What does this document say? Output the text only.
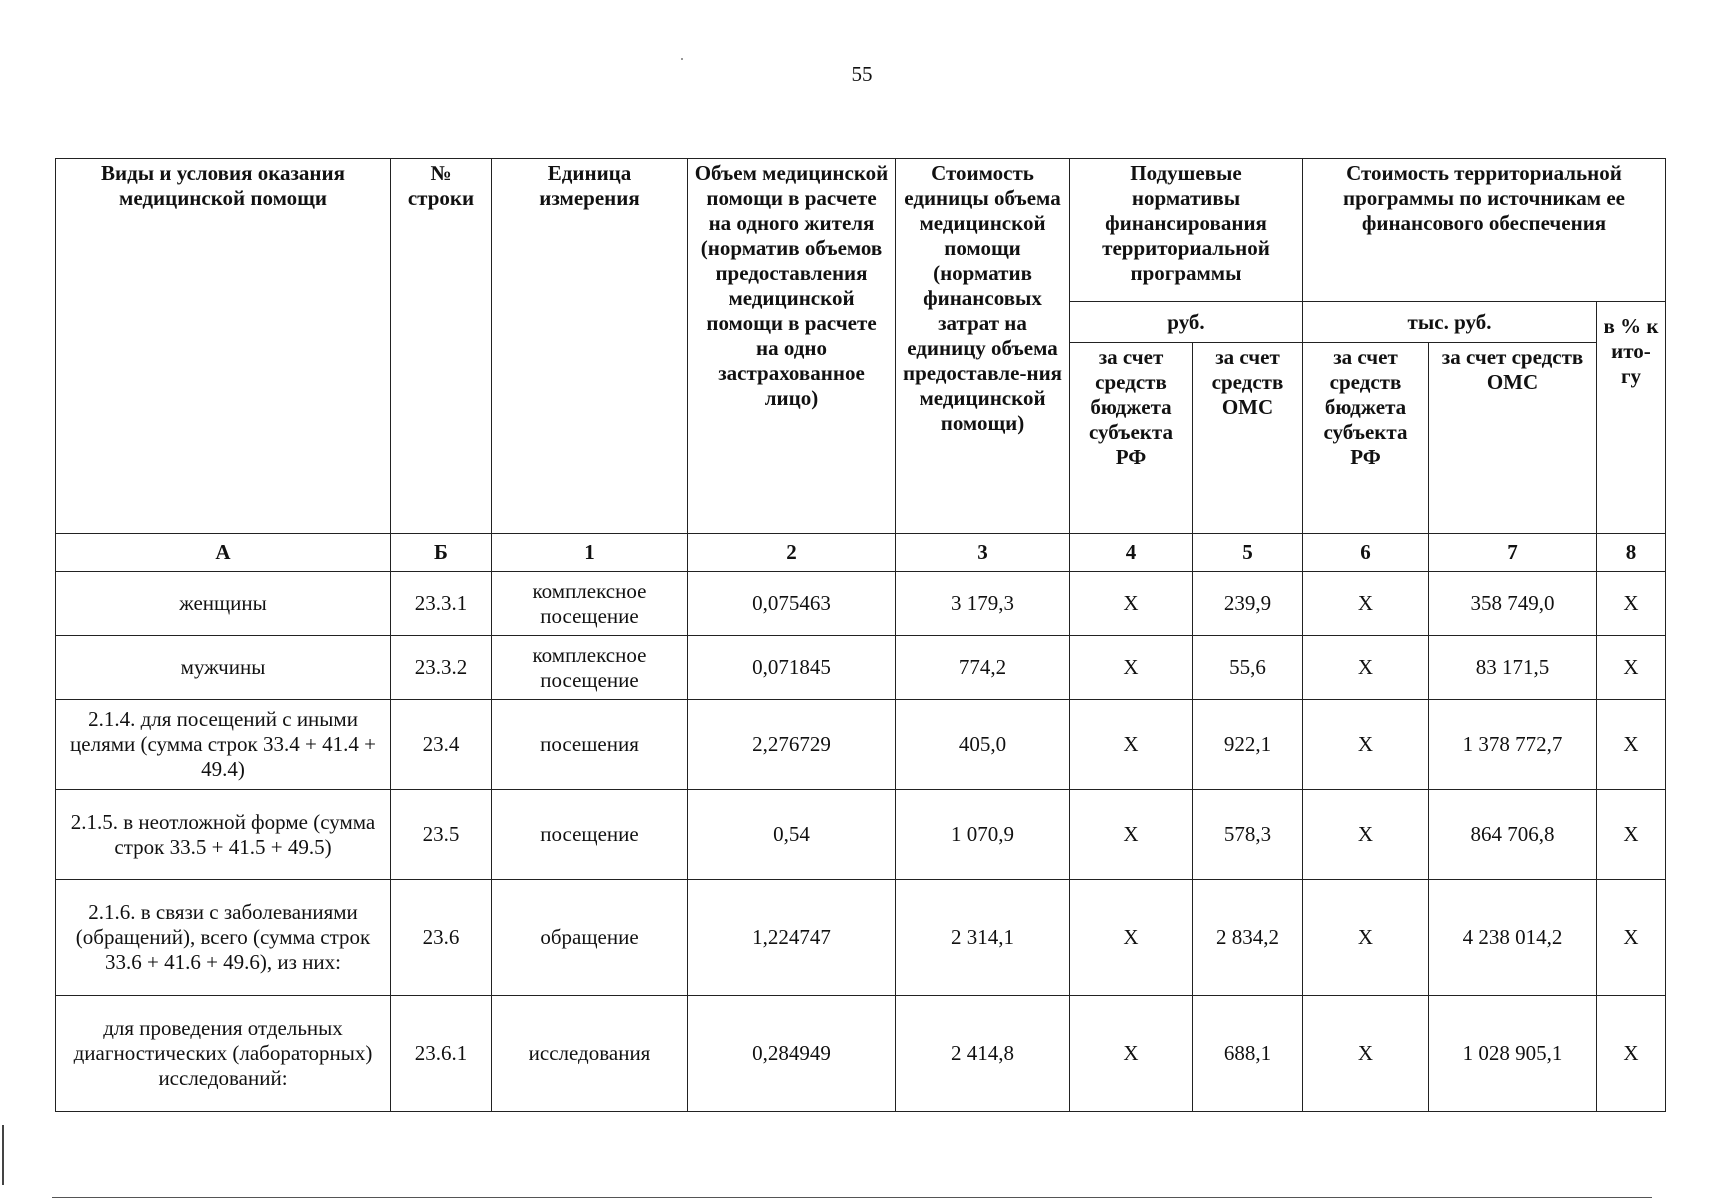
55
Виды и условия оказания медицинской помощи	№ строки	Единица измерения	Объем медицинской помощи в расчете на одного жителя (норматив объемов предоставления медицинской помощи в расчете на одно застрахованное лицо)	Стоимость единицы объема медицинской помощи (норматив финансовых затрат на единицу объема предоставле-ния медицинской помощи)	Подушевые нормативы финансирования территориальной программы		Стоимость территориальной программы по источникам ее финансового обеспечения		
					руб.		тыс. руб.		в % к ито-гу
					за счет средств бюджета субъекта РФ	за счет средств ОМС	за счет средств бюджета субъекта РФ	за счет средств ОМС	
А	Б	1	2	3	4	5	6	7	8
женщины	23.3.1	комплексное посещение	0,075463	3 179,3	X	239,9	X	358 749,0	X
мужчины	23.3.2	комплексное посещение	0,071845	774,2	X	55,6	X	83 171,5	X
2.1.4. для посещений с иными целями (сумма строк 33.4 + 41.4 + 49.4)	23.4	посешения	2,276729	405,0	X	922,1	X	1 378 772,7	X
2.1.5. в неотложной форме (сумма строк 33.5 + 41.5 + 49.5)	23.5	посещение	0,54	1 070,9	X	578,3	X	864 706,8	X
2.1.6. в связи с заболеваниями (обращений), всего (сумма строк 33.6 + 41.6 + 49.6), из них:	23.6	обращение	1,224747	2 314,1	X	2 834,2	X	4 238 014,2	X
для проведения отдельных диагностических (лабораторных) исследований:	23.6.1	исследования	0,284949	2 414,8	X	688,1	X	1 028 905,1	X
